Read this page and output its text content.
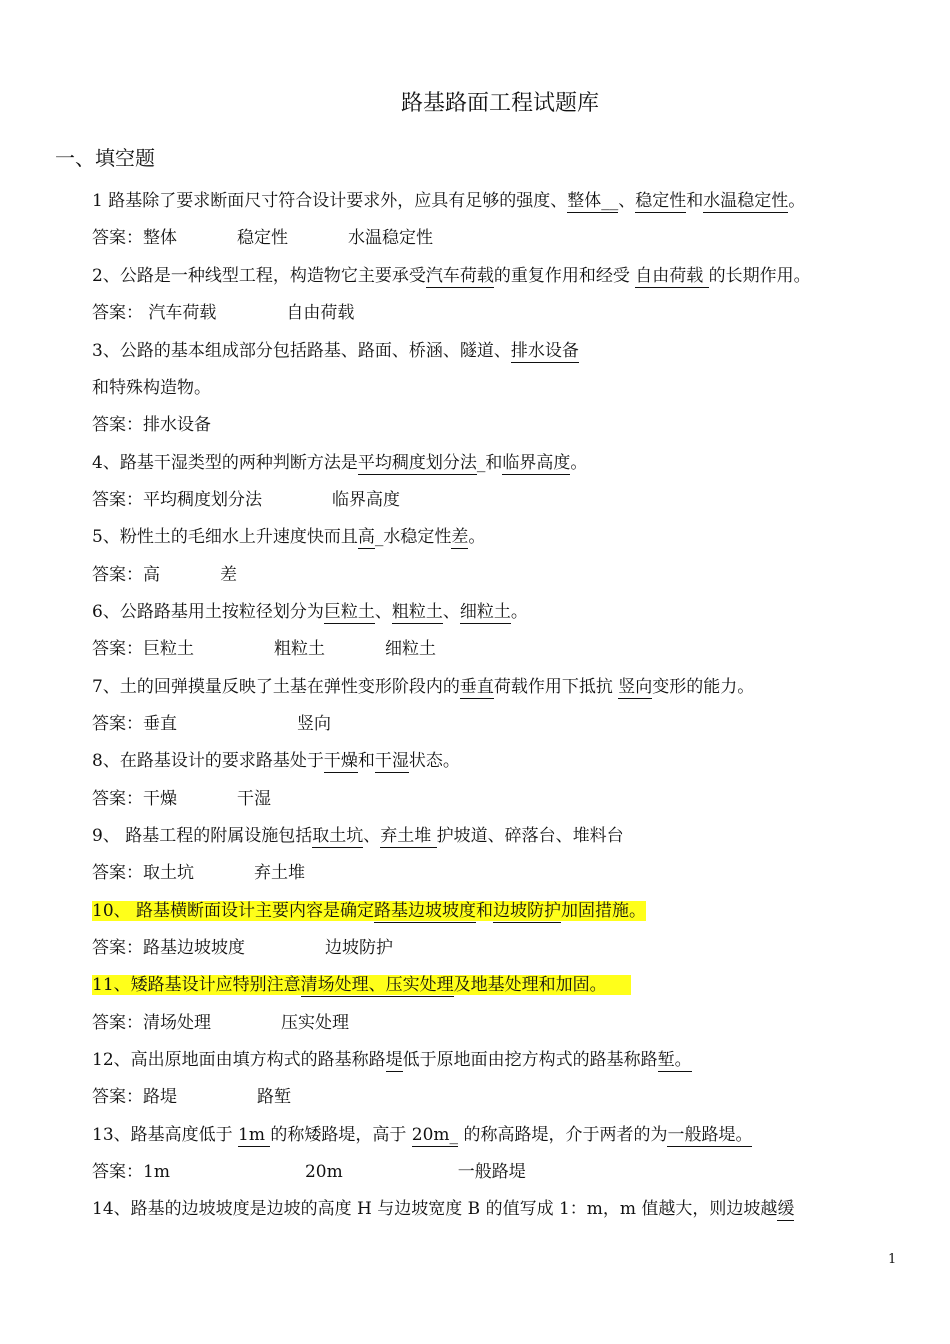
路基路面工程试题库
一、填空题
1 路基除了要求断面尺寸符合设计要求外，应具有足够的强度、整体__、稳定性和水温稳定性。
答案：整体	稳定性	水温稳定性
2、公路是一种线型工程，构造物它主要承受汽车荷载的重复作用和经受 自由荷载 的长期作用。
答案： 汽车荷载	自由荷载
3、公路的基本组成部分包括路基、路面、桥涵、隧道、排水设备
和特殊构造物。
答案：排水设备
4、路基干湿类型的两种判断方法是平均稠度划分法_和临界高度。
答案：平均稠度划分法	临界高度
5、粉性土的毛细水上升速度快而且高_水稳定性差。
答案：高	差
6、公路路基用土按粒径划分为巨粒土、粗粒土、细粒土。
答案：巨粒土	粗粒土	细粒土
7、土的回弹摸量反映了土基在弹性变形阶段内的垂直荷载作用下抵抗 竖向变形的能力。
答案：垂直	竖向
8、在路基设计的要求路基处于干燥和干湿状态。
答案：干燥	干湿
9、 路基工程的附属设施包括取土坑、弃土堆 护坡道、碎落台、堆料台
答案：取土坑	弃土堆
10、 路基横断面设计主要内容是确定路基边坡坡度和边坡防护加固措施。
答案：路基边坡坡度	边坡防护
11、矮路基设计应特别注意清场处理、压实处理及地基处理和加固。
答案：清场处理	压实处理
12、高出原地面由填方构式的路基称路堤低于原地面由挖方构式的路基称路堑。
答案：路堤	路堑
13、路基高度低于 1m 的称矮路堤，高于 20m_ 的称高路堤，介于两者的为一般路堤。
答案：1m	20m	一般路堤
14、路基的边坡坡度是边坡的高度 H 与边坡宽度 B 的值写成 1：m，m 值越大，则边坡越缓
1
